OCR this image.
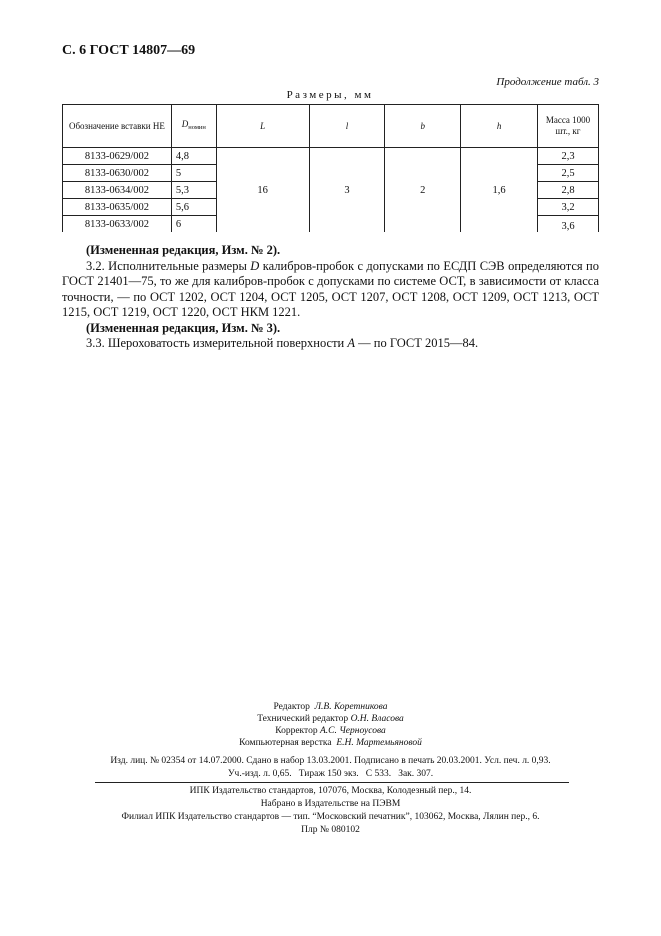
С. 6 ГОСТ 14807—69
Продолжение табл. 3
Размеры, мм
Обозначение вставки НЕ	$D_{номин}$	L	l	b	h	Масса 1000 шт., кг
8133-0629/002	4,8	16	3	2	1,6	2,3
8133-0630/002	5					2,5
8133-0634/002	5,3					2,8
8133-0635/002	5,6					3,2
8133-0633/002	6					3,6

(Измененная редакция, Изм. № 2).

3.2. Исполнительные размеры D калибров-пробок с допусками по ЕСДП СЭВ определяются по ГОСТ 21401—75, то же для калибров-пробок с допусками по системе ОСТ, в зависимости от класса точности, — по ОСТ 1202, ОСТ 1204, ОСТ 1205, ОСТ 1207, ОСТ 1208, ОСТ 1209, ОСТ 1213, ОСТ 1215, ОСТ 1219, ОСТ 1220, ОСТ НКМ 1221.

(Измененная редакция, Изм. № 3).

3.3. Шероховатость измерительной поверхности А — по ГОСТ 2015—84.

Редактор Л.В. Коретникова
Технический редактор О.Н. Власова
Корректор А.С. Черноусова
Компьютерная верстка Е.Н. Мартемьяновой
Изд. лиц. № 02354 от 14.07.2000. Сдано в набор 13.03.2001. Подписано в печать 20.03.2001. Усл. печ. л. 0,93.
Уч.-изд. л. 0,65.   Тираж 150 экз.   С 533.   Зак. 307.
ИПК Издательство стандартов, 107076, Москва, Колодезный пер., 14.
Набрано в Издательстве на ПЭВМ
Филиал ИПК Издательство стандартов — тип. “Московский печатник”, 103062, Москва, Лялин пер., 6.
Плр № 080102
